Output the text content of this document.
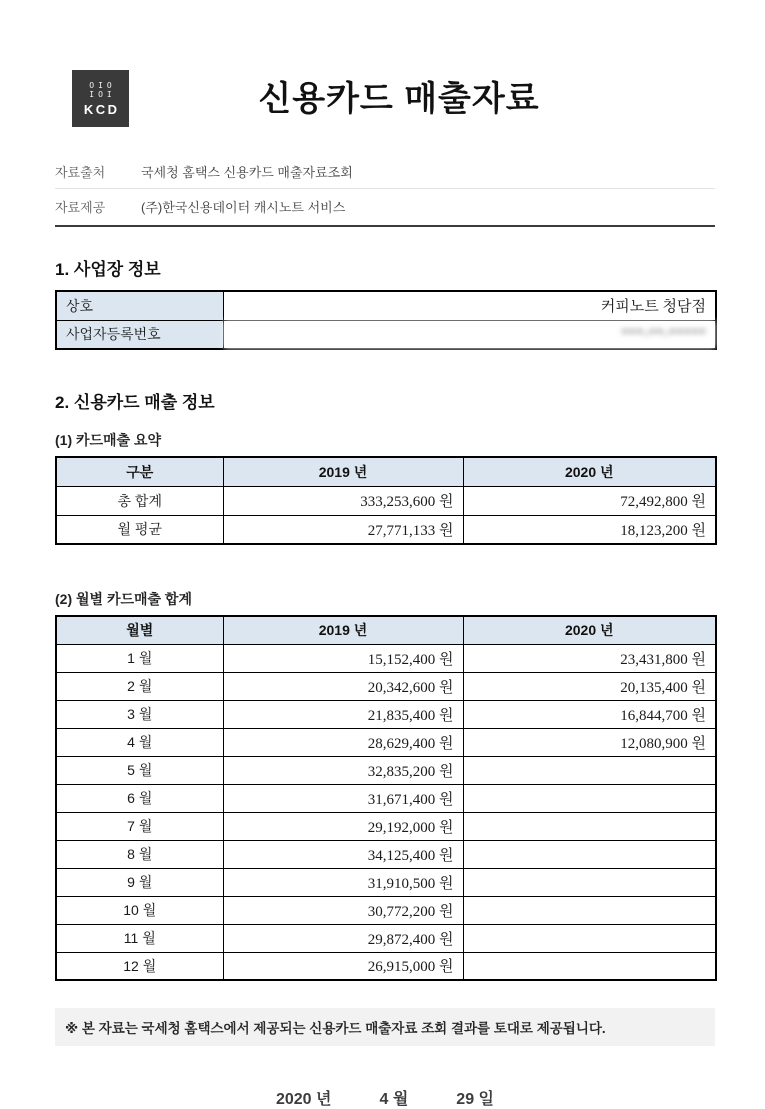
OIO
IOI
KCD	신용카드 매출자료
자료출처	국세청 홈택스 신용카드 매출자료조회
자료제공	(주)한국신용데이터 캐시노트 서비스
1. 사업장 정보
상호	커피노트 청담점
사업자등록번호	***-**-*****
2. 신용카드 매출 정보
(1) 카드매출 요약
구분	2019 년	2020 년
총 합계	333,253,600 원	72,492,800 원
월 평균	27,771,133 원	18,123,200 원
(2) 월별 카드매출 합계
월별	2019 년	2020 년
1 월	15,152,400 원	23,431,800 원
2 월	20,342,600 원	20,135,400 원
3 월	21,835,400 원	16,844,700 원
4 월	28,629,400 원	12,080,900 원
5 월	32,835,200 원	
6 월	31,671,400 원	
7 월	29,192,000 원	
8 월	34,125,400 원	
9 월	31,910,500 원	
10 월	30,772,200 원	
11 월	29,872,400 원	
12 월	26,915,000 원	
※ 본 자료는 국세청 홈택스에서 제공되는 신용카드 매출자료 조회 결과를 토대로 제공됩니다.
2020 년	4 월	29 일
